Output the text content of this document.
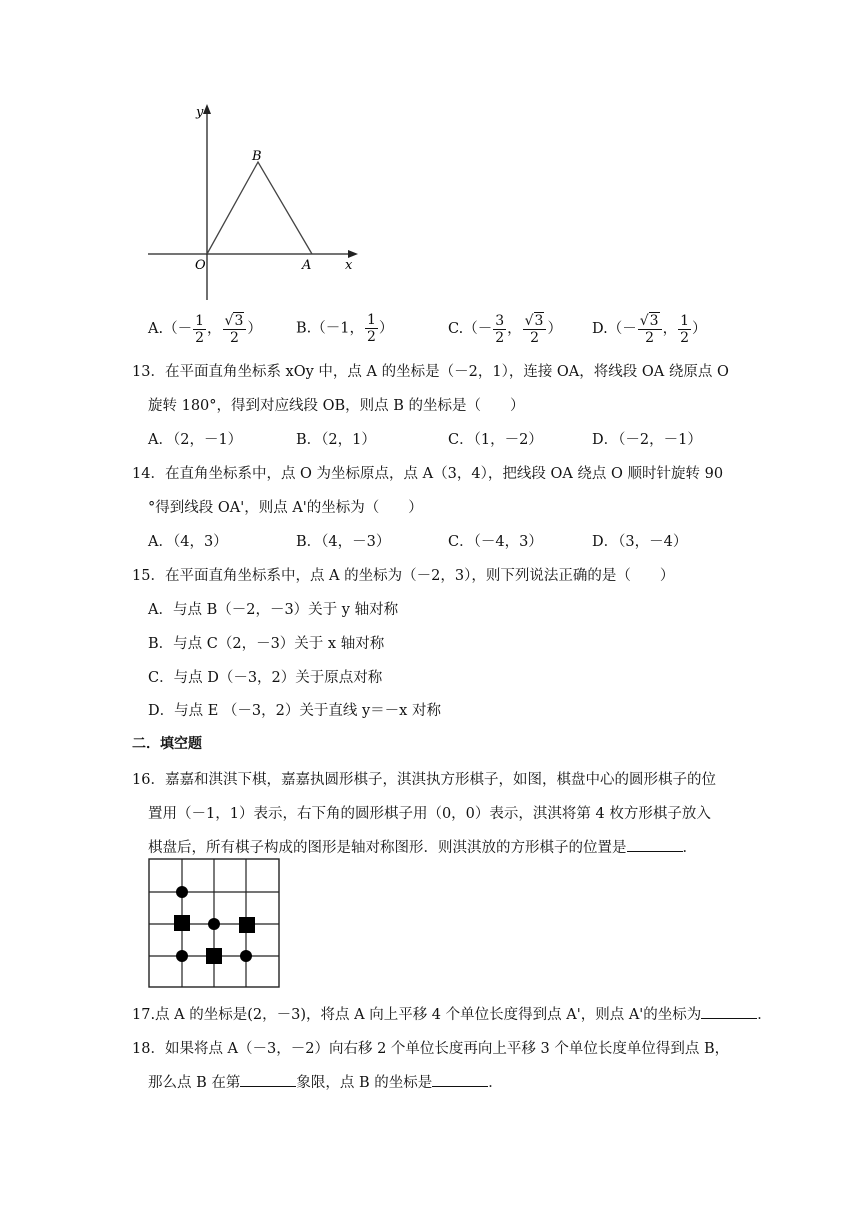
y
x
O	A
B
$A.(- \frac{1}{2}$ ， $\frac{√ 3}{2}$ ） B.（－1， $\frac{1}{2}$ ）	$C.(- \frac{3}{2}$ ， $\frac{√ 3}{2}$ ） $D.(- \frac{√ 3}{2}$ ， $\frac{1}{2}$ ）
13．在平面直角坐标系 xOy 中，点 A 的坐标是（－2，1），连接 OA，将线段 OA 绕原点 O
旋转 180°，得到对应线段 OB，则点 B 的坐标是（　　）
A．（2，－1）	B．（2，1）	C．（1，－2）	D．（－2，－1）
14．在直角坐标系中，点 O 为坐标原点，点 A（3，4），把线段 OA 绕点 O 顺时针旋转 90
°得到线段 OA'，则点 A'的坐标为（　　）
A．（4，3）	B．（4，－3）	C．（－4，3）	D．（3，－4）
15．在平面直角坐标系中，点 A 的坐标为（－2，3），则下列说法正确的是（　　）
A．与点 B（－2，－3）关于 y 轴对称
B．与点 C（2，－3）关于 x 轴对称
C．与点 D（－3，2）关于原点对称
D．与点 E （－3，2）关于直线 y＝－x 对称
二．填空题
16．嘉嘉和淇淇下棋，嘉嘉执圆形棋子，淇淇执方形棋子，如图，棋盘中心的圆形棋子的位
置用（－1，1）表示，右下角的圆形棋子用（0，0）表示，淇淇将第 4 枚方形棋子放入
棋盘后，所有棋子构成的图形是轴对称图形．则淇淇放的方形棋子的位置是	．
17.点 A 的坐标是(2，－3)，将点 A 向上平移 4 个单位长度得到点 A'，则点 A'的坐标为	．
18．如果将点 A（－3，－2）向右移 2 个单位长度再向上平移 3 个单位长度单位得到点 B，
那么点 B 在第	象限，点 B 的坐标是	．
